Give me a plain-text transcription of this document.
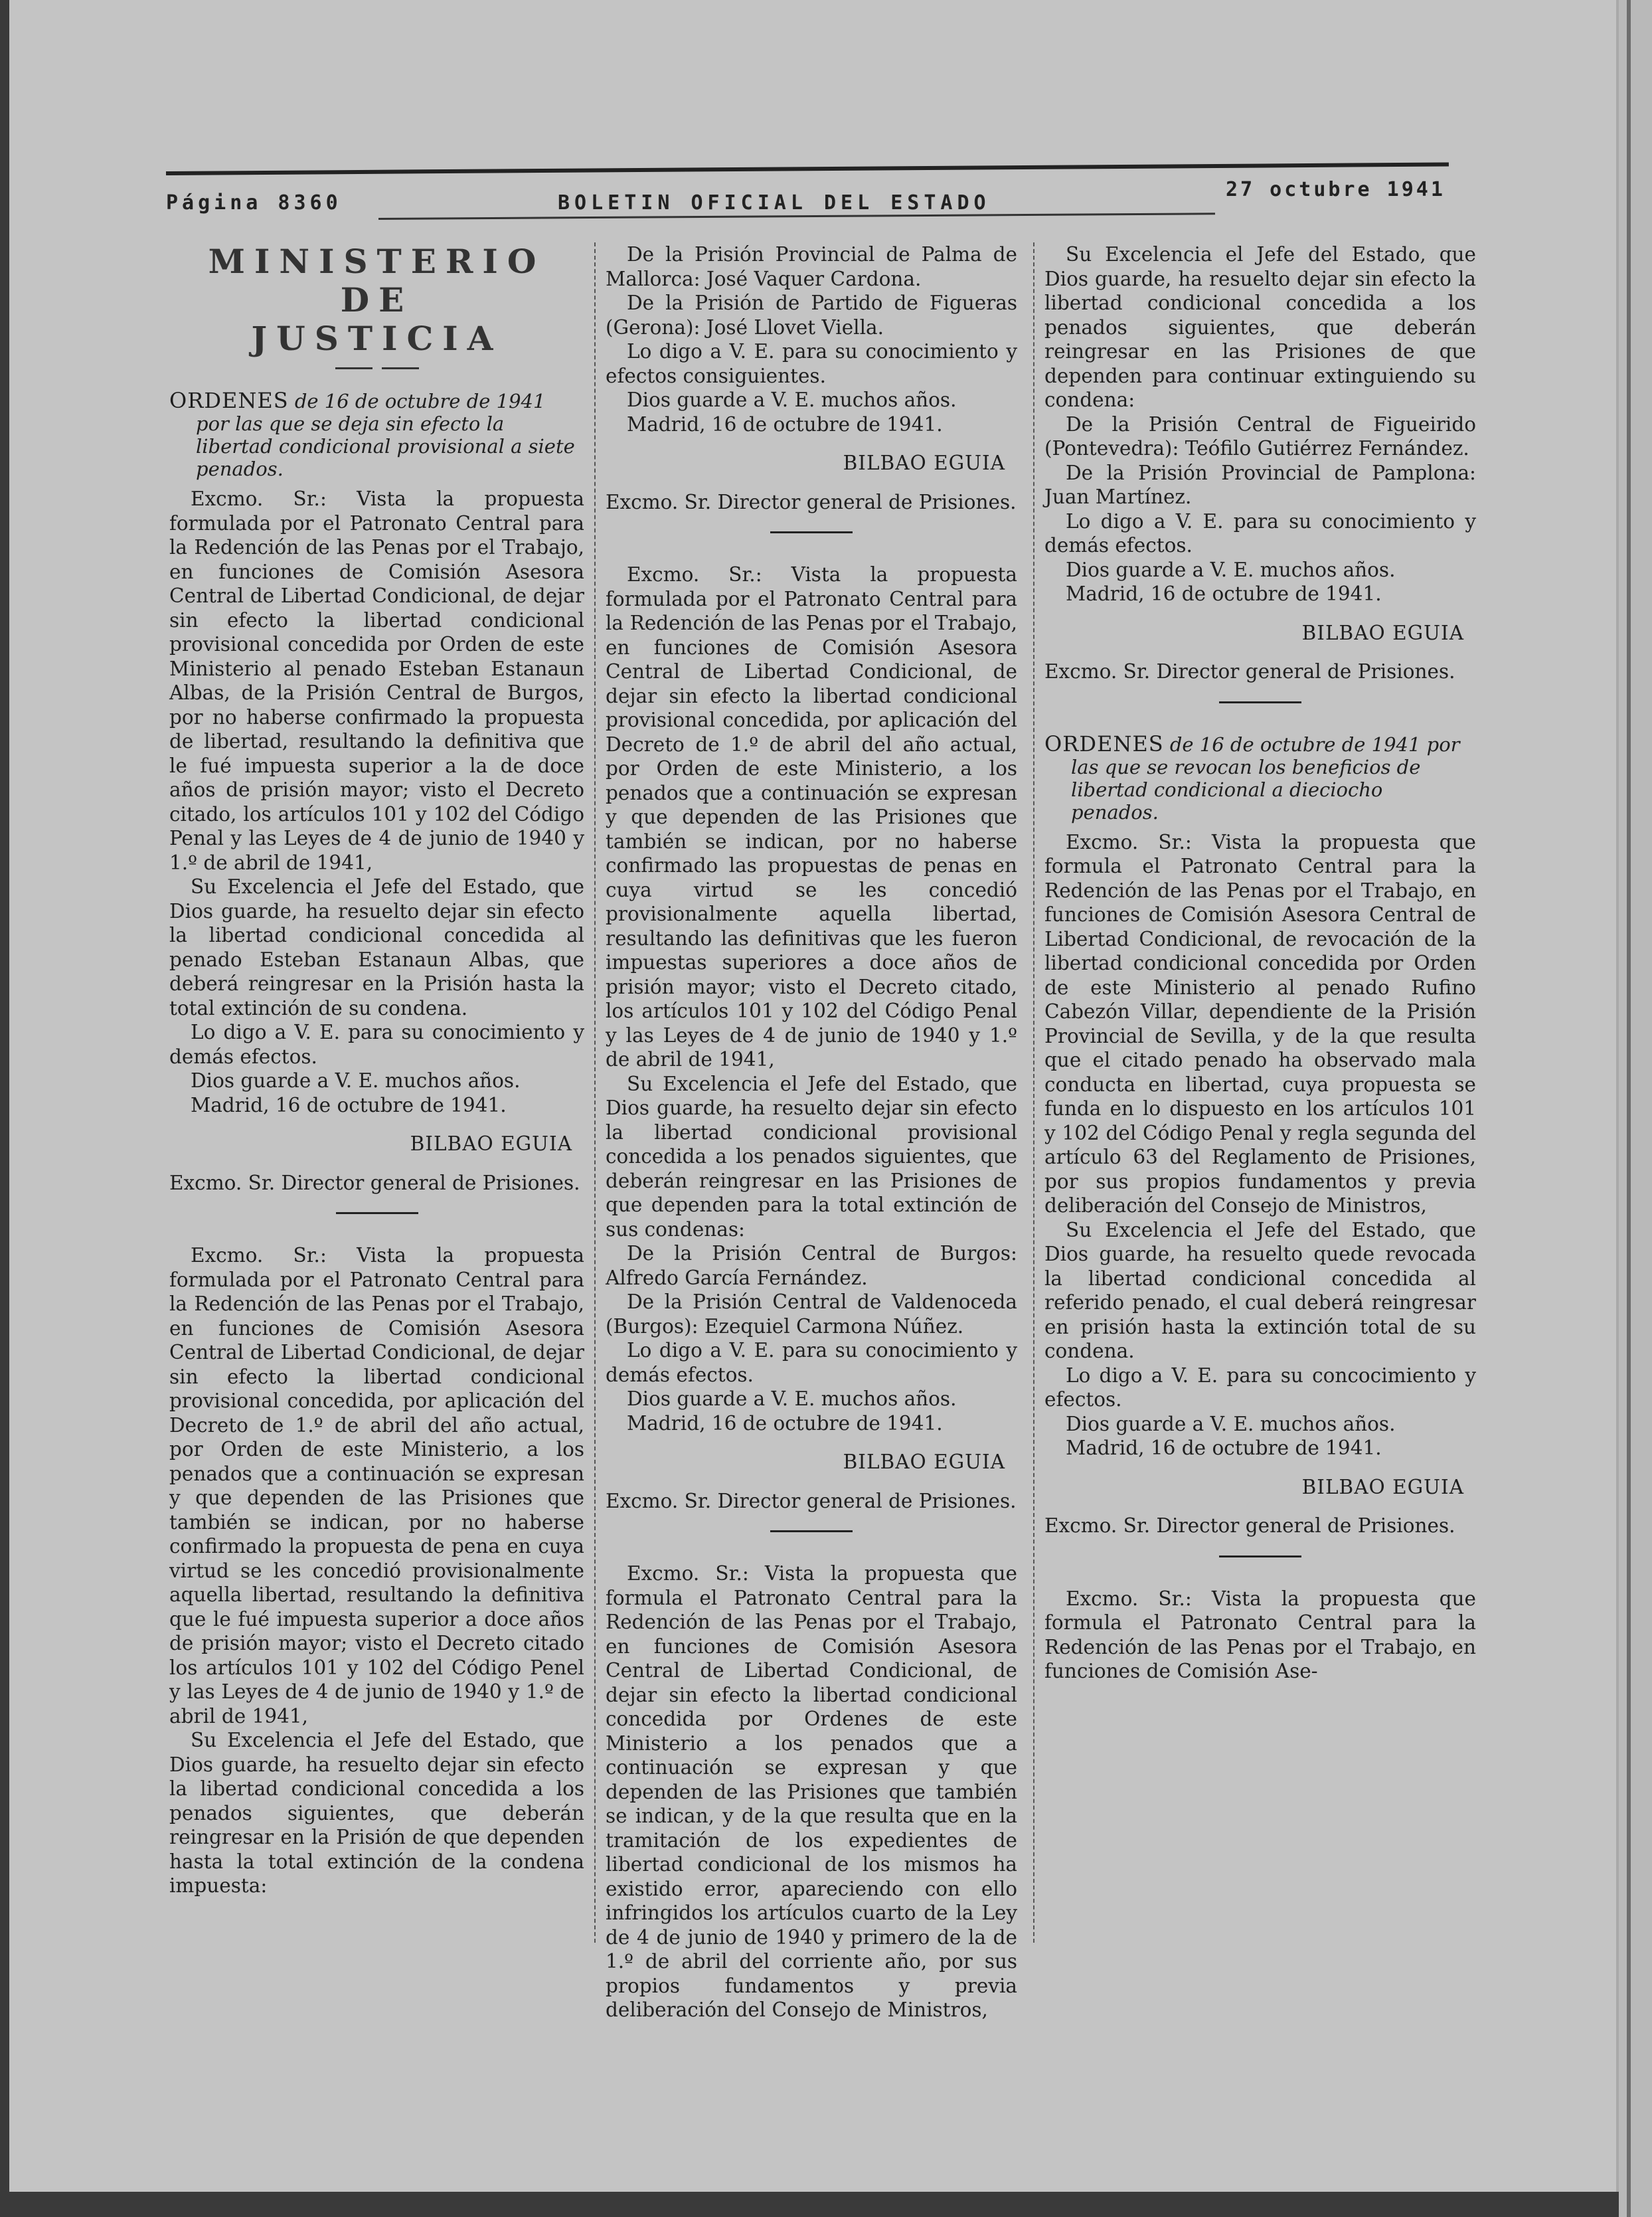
Página 8360	BOLETIN OFICIAL DEL ESTADO
27 octubre 1941
MINISTERIO DE
JUSTICIA
ORDENES de 16 de octubre de 1941 por las que se deja sin efecto la libertad condicional provisional a siete penados.

Excmo. Sr.: Vista la propuesta formulada por el Patronato Central para la Redención de las Penas por el Trabajo, en funciones de Comisión Asesora Central de Libertad Condicional, de dejar sin efecto la libertad condicional provisional concedida por Orden de este Ministerio al penado Esteban Estanaun Albas, de la Prisión Central de Burgos, por no haberse confirmado la propuesta de libertad, resultando la definitiva que le fué impuesta superior a la de doce años de prisión mayor; visto el Decreto citado, los artículos 101 y 102 del Código Penal y las Leyes de 4 de junio de 1940 y 1.º de abril de 1941,

Su Excelencia el Jefe del Estado, que Dios guarde, ha resuelto dejar sin efecto la libertad condicional concedida al penado Esteban Estanaun Albas, que deberá reingresar en la Prisión hasta la total extinción de su condena.

Lo digo a V. E. para su conocimiento y demás efectos.

Dios guarde a V. E. muchos años.

Madrid, 16 de octubre de 1941.

BILBAO EGUIA

Excmo. Sr. Director general de Prisiones.

Excmo. Sr.: Vista la propuesta formulada por el Patronato Central para la Redención de las Penas por el Trabajo, en funciones de Comisión Asesora Central de Libertad Condicional, de dejar sin efecto la libertad condicional provisional concedida, por aplicación del Decreto de 1.º de abril del año actual, por Orden de este Ministerio, a los penados que a continuación se expresan y que dependen de las Prisiones que también se indican, por no haberse confirmado la propuesta de pena en cuya virtud se les concedió provisionalmente aquella libertad, resultando la definitiva que le fué impuesta superior a doce años de prisión mayor; visto el Decreto citado los artículos 101 y 102 del Código Penel y las Leyes de 4 de junio de 1940 y 1.º de abril de 1941,

Su Excelencia el Jefe del Estado, que Dios guarde, ha resuelto dejar sin efecto la libertad condicional concedida a los penados siguientes, que deberán reingresar en la Prisión de que dependen hasta la total extinción de la condena impuesta:

De la Prisión Provincial de Palma de Mallorca: José Vaquer Cardona.

De la Prisión de Partido de Figueras (Gerona): José Llovet Viella.

Lo digo a V. E. para su conocimiento y efectos consiguientes.

Dios guarde a V. E. muchos años.

Madrid, 16 de octubre de 1941.

BILBAO EGUIA

Excmo. Sr. Director general de Prisiones.

Excmo. Sr.: Vista la propuesta formulada por el Patronato Central para la Redención de las Penas por el Trabajo, en funciones de Comisión Asesora Central de Libertad Condicional, de dejar sin efecto la libertad condicional provisional concedida, por aplicación del Decreto de 1.º de abril del año actual, por Orden de este Ministerio, a los penados que a continuación se expresan y que dependen de las Prisiones que también se indican, por no haberse confirmado las propuestas de penas en cuya virtud se les concedió provisionalmente aquella libertad, resultando las definitivas que les fueron impuestas superiores a doce años de prisión mayor; visto el Decreto citado, los artículos 101 y 102 del Código Penal y las Leyes de 4 de junio de 1940 y 1.º de abril de 1941,

Su Excelencia el Jefe del Estado, que Dios guarde, ha resuelto dejar sin efecto la libertad condicional provisional concedida a los penados siguientes, que deberán reingresar en las Prisiones de que dependen para la total extinción de sus condenas:

De la Prisión Central de Burgos: Alfredo García Fernández.

De la Prisión Central de Valdenoceda (Burgos): Ezequiel Carmona Núñez.

Lo digo a V. E. para su conocimiento y demás efectos.

Dios guarde a V. E. muchos años.

Madrid, 16 de octubre de 1941.

BILBAO EGUIA

Excmo. Sr. Director general de Prisiones.

Excmo. Sr.: Vista la propuesta que formula el Patronato Central para la Redención de las Penas por el Trabajo, en funciones de Comisión Asesora Central de Libertad Condicional, de dejar sin efecto la libertad condicional concedida por Ordenes de este Ministerio a los penados que a continuación se expresan y que dependen de las Prisiones que también se indican, y de la que resulta que en la tramitación de los expedientes de libertad condicional de los mismos ha existido error, apareciendo con ello infringidos los artículos cuarto de la Ley de 4 de junio de 1940 y primero de la de 1.º de abril del corriente año, por sus propios fundamentos y previa deliberación del Consejo de Ministros,

Su Excelencia el Jefe del Estado, que Dios guarde, ha resuelto dejar sin efecto la libertad condicional concedida a los penados siguientes, que deberán reingresar en las Prisiones de que dependen para continuar extinguiendo su condena:

De la Prisión Central de Figueirido (Pontevedra): Teófilo Gutiérrez Fernández.

De la Prisión Provincial de Pamplona: Juan Martínez.

Lo digo a V. E. para su conocimiento y demás efectos.

Dios guarde a V. E. muchos años.

Madrid, 16 de octubre de 1941.

BILBAO EGUIA

Excmo. Sr. Director general de Prisiones.

ORDENES de 16 de octubre de 1941 por las que se revocan los beneficios de libertad condicional a dieciocho penados.

Excmo. Sr.: Vista la propuesta que formula el Patronato Central para la Redención de las Penas por el Trabajo, en funciones de Comisión Asesora Central de Libertad Condicional, de revocación de la libertad condicional concedida por Orden de este Ministerio al penado Rufino Cabezón Villar, dependiente de la Prisión Provincial de Sevilla, y de la que resulta que el citado penado ha observado mala conducta en libertad, cuya propuesta se funda en lo dispuesto en los artículos 101 y 102 del Código Penal y regla segunda del artículo 63 del Reglamento de Prisiones, por sus propios fundamentos y previa deliberación del Consejo de Ministros,

Su Excelencia el Jefe del Estado, que Dios guarde, ha resuelto quede revocada la libertad condicional concedida al referido penado, el cual deberá reingresar en prisión hasta la extinción total de su condena.

Lo digo a V. E. para su concocimiento y efectos.

Dios guarde a V. E. muchos años.

Madrid, 16 de octubre de 1941.

BILBAO EGUIA

Excmo. Sr. Director general de Prisiones.

Excmo. Sr.: Vista la propuesta que formula el Patronato Central para la Redención de las Penas por el Trabajo, en funciones de Comisión Ase-
